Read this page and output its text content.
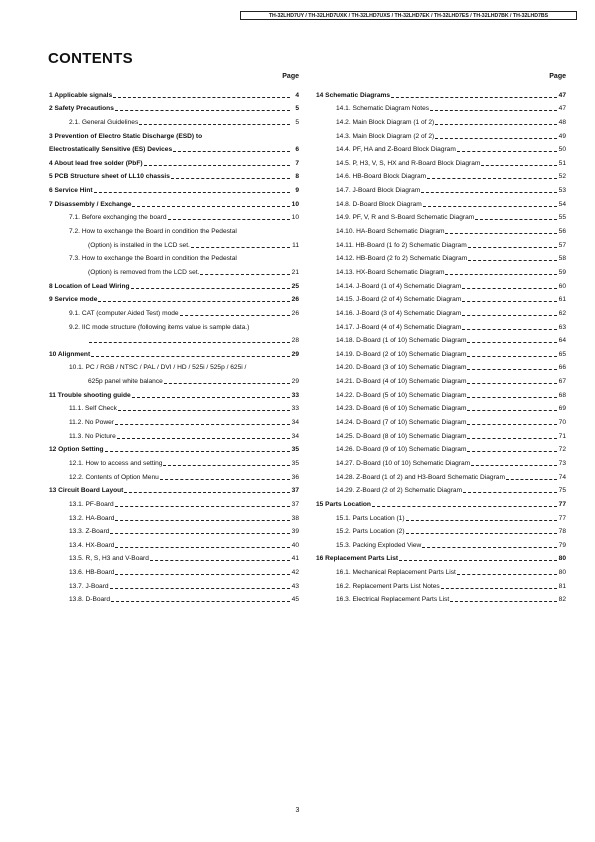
TH-32LHD7UY / TH-32LHD7UXK / TH-32LHD7UXS / TH-32LHD7EK / TH-32LHD7ES / TH-32LHD7BK / TH-32LHD7BS
CONTENTS
Page
1 Applicable signals	4
2 Safety Precautions	5
2.1. General Guidelines	5
3 Prevention of Electro Static Discharge (ESD) to
Electrostatically Sensitive (ES) Devices	6
4 About lead free solder (PbF)	7
5 PCB Structure sheet of LL10 chassis	8
6 Service Hint	9
7 Disassembly / Exchange	10
7.1. Before exchanging the board	10
7.2. How to exchange the Board in condition the Pedestal
(Option) is installed in the LCD set.	11
7.3. How to exchange the Board in condition the Pedestal
(Option) is removed from the LCD set.	21
8 Location of Lead Wiring	25
9 Service mode	26
9.1. CAT (computer Aided Test) mode	26
9.2. IIC mode structure (following items value is sample data.)
28
10 Alignment	29
10.1. PC / RGB / NTSC / PAL / DVI / HD / 525i / 525p / 625i /
625p panel white balance	29
11 Trouble shooting guide	33
11.1. Self Check	33
11.2. No Power	34
11.3. No Picture	34
12 Option Setting	35
12.1. How to access and setting	35
12.2. Contents of Option Menu	36
13 Circuit Board Layout	37
13.1. PF-Board	37
13.2. HA-Board	38
13.3. Z-Board	39
13.4. HX-Board	40
13.5. R, S, H3 and V-Board	41
13.6. HB-Board	42
13.7. J-Board	43
13.8. D-Board	45
Page
14 Schematic Diagrams	47
14.1. Schematic Diagram Notes	47
14.2. Main Block Diagram (1 of 2)	48
14.3. Main Block Diagram (2 of 2)	49
14.4. PF, HA and Z-Board Block Diagram	50
14.5. P, H3, V, S, HX and R-Board Block Diagram	51
14.6. HB-Board Block Diagram	52
14.7. J-Board Block Diagram	53
14.8. D-Board Block Diagram	54
14.9. PF, V, R and S-Board Schematic Diagram	55
14.10. HA-Board Schematic Diagram	56
14.11. HB-Board (1 fo 2) Schematic Diagram	57
14.12. HB-Board (2 fo 2) Schematic Diagram	58
14.13. HX-Board Schematic Diagram	59
14.14. J-Board (1 of 4) Schematic Diagram	60
14.15. J-Board (2 of 4) Schematic Diagram	61
14.16. J-Board (3 of 4) Schematic Diagram	62
14.17. J-Board (4 of 4) Schematic Diagram	63
14.18. D-Board (1 of 10) Schematic Diagram	64
14.19. D-Board (2 of 10) Schematic Diagram	65
14.20. D-Board (3 of 10) Schematic Diagram	66
14.21. D-Board (4 of 10) Schematic Diagram	67
14.22. D-Board (5 of 10) Schematic Diagram	68
14.23. D-Board (6 of 10) Schematic Diagram	69
14.24. D-Board (7 of 10) Schematic Diagram	70
14.25. D-Board (8 of 10) Schematic Diagram	71
14.26. D-Board (9 of 10) Schematic Diagram	72
14.27. D-Board (10 of 10) Schematic Diagram	73
14.28. Z-Board (1 of 2) and H3-Board Schematic Diagram	74
14.29. Z-Board (2 of 2) Schematic Diagram	75
15 Parts Location	77
15.1. Parts Location (1)	77
15.2. Parts Location (2)	78
15.3. Packing Exploded View	79
16 Replacement Parts List	80
16.1. Mechanical Replacement Parts List	80
16.2. Replacement Parts List Notes	81
16.3. Electrical Replacement Parts List	82
3
